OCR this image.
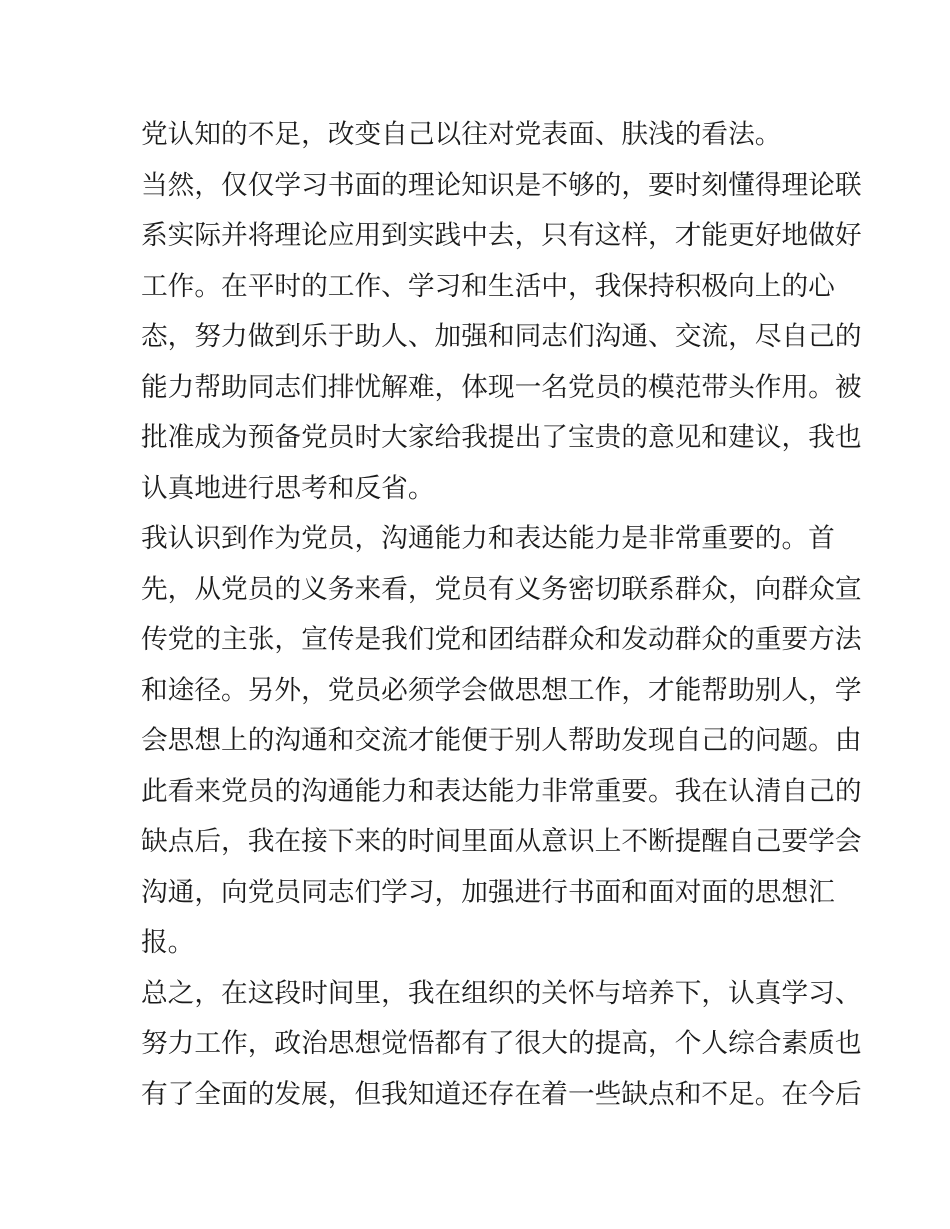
党认知的不足，改变自己以往对党表面、肤浅的看法。
当然，仅仅学习书面的理论知识是不够的，要时刻懂得理论联
系实际并将理论应用到实践中去，只有这样，才能更好地做好
工作。在平时的工作、学习和生活中，我保持积极向上的心
态，努力做到乐于助人、加强和同志们沟通、交流，尽自己的
能力帮助同志们排忧解难，体现一名党员的模范带头作用。被
批准成为预备党员时大家给我提出了宝贵的意见和建议，我也
认真地进行思考和反省。
我认识到作为党员，沟通能力和表达能力是非常重要的。首
先，从党员的义务来看，党员有义务密切联系群众，向群众宣
传党的主张，宣传是我们党和团结群众和发动群众的重要方法
和途径。另外，党员必须学会做思想工作，才能帮助别人，学
会思想上的沟通和交流才能便于别人帮助发现自己的问题。由
此看来党员的沟通能力和表达能力非常重要。我在认清自己的
缺点后，我在接下来的时间里面从意识上不断提醒自己要学会
沟通，向党员同志们学习，加强进行书面和面对面的思想汇
报。
总之，在这段时间里，我在组织的关怀与培养下，认真学习、
努力工作，政治思想觉悟都有了很大的提高，个人综合素质也
有了全面的发展，但我知道还存在着一些缺点和不足。在今后
